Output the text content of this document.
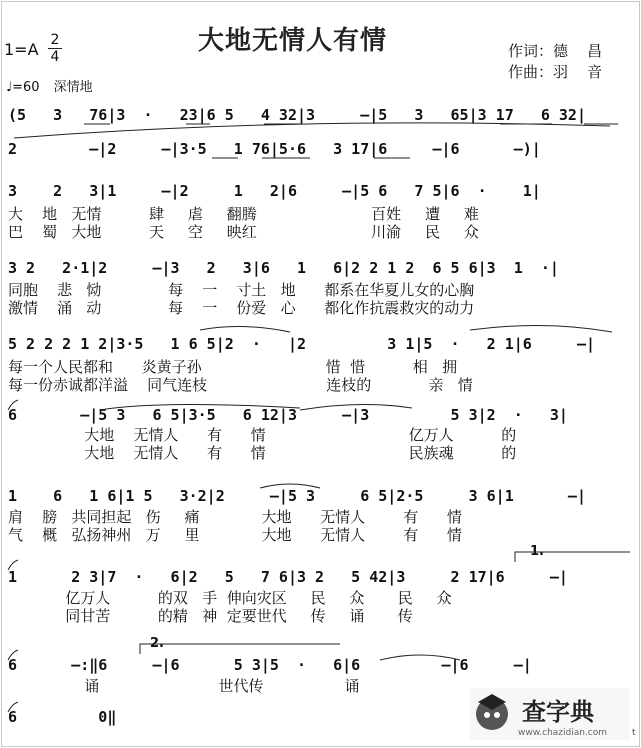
大地无情人有情
1=A 2
4	作词：德    昌
作曲：羽    音
♩=60 深情地
(5   3   76|3  ·   23|6 5   4 32|3     —|5   3   65|3 17   6 32|
2        —|2     —|3·5   1 76|5·6   3 17|6     —|6      —)|
3    2   3|1     —|2     1   2|6     —|5 6   7 5|6  ·    1|
大    地   无情          肆     虐     翻腾                        百姓     遭     难
巴    蜀   大地          天     空     映红                        川渝     民     众
3 2   2·1|2     —|3   2   3|6   1   6|2 2 1 2  6 5 6|3  1  ·|
同胞    悲   恸              每    一    寸土   地      都系在华夏儿女的心胸
激情    涌   动              每    一    份爱   心      都化作抗震救灾的动力
5 2 2 2 1 2|3·5   1 6 5|2  ·   |2         3 1|5  ·   2 1|6     —|
每一个人民都和      炎黄子孙                          惜  惜          相   拥
每一份赤诚都洋溢    同气连枝                         连枝的            亲   情
6       —|5 3   6 5|3·5   6 12|3     —|3         5 3|2  ·   3|
大地    无情人      有      情                              亿万人          的
大地    无情人      有      情                              民族魂          的
1    6   1 6|1 5   3·2|2     —|5 3     6 5|2·5     3 6|1      —|
肩    膀   共同担起   伤     痛             大地      无情人        有      情
气    概   弘扬神州   万     里             大地      无情人        有      情
1      2 3|7  ·   6|2   5   7 6|3 2   5 42|3     2 17|6     —|
亿万人          的双   手  伸向灾区     民     众       民     众
同甘苦          的精   神  定要世代     传     诵       传
6      —:‖6     —|6      5 3|5  ·   6|6         —|6     —|
诵                         世代传                 诵
6         0‖
1.
2.
查字典
www.chazidian.com	t
